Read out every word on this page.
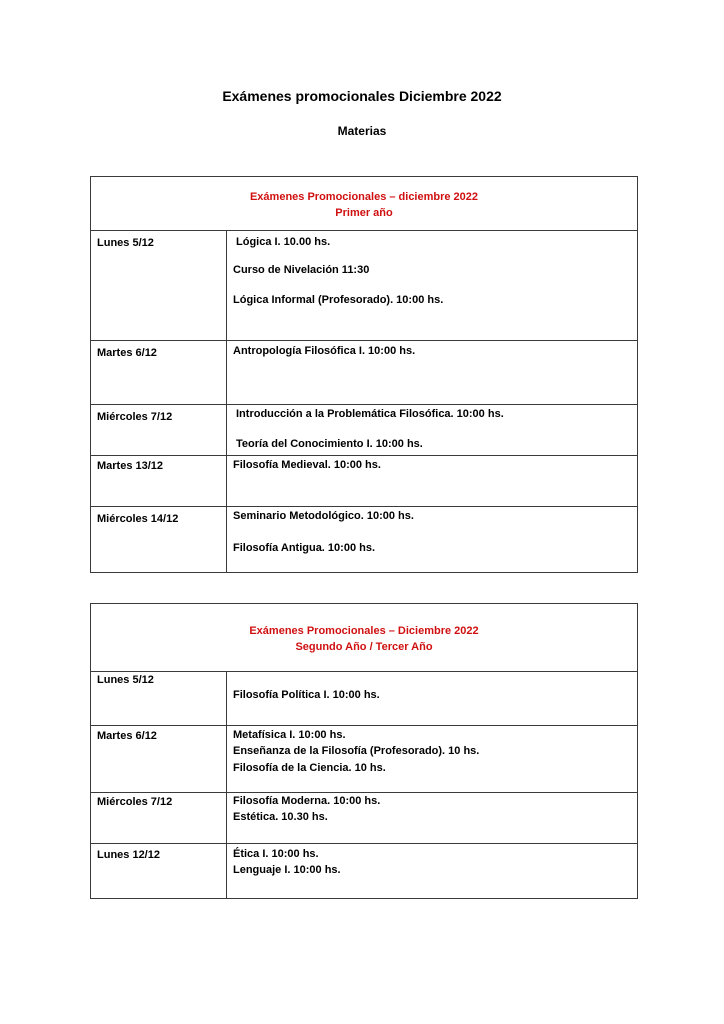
Exámenes promocionales Diciembre 2022
Materias
Exámenes Promocionales – diciembre 2022
Primer año	

Lunes 5/12	Lógica I. 10.00 hs.
Curso de Nivelación 11:30
Lógica Informal (Profesorado). 10:00 hs.

Martes 6/12	Antropología Filosófica I. 10:00 hs.

Miércoles 7/12	Introducción a la Problemática Filosófica. 10:00 hs.
Teoría del Conocimiento I. 10:00 hs.

Martes 13/12	Filosofía Medieval. 10:00 hs.

Miércoles 14/12	Seminario Metodológico. 10:00 hs.
Filosofía Antigua. 10:00 hs.
Exámenes Promocionales – Diciembre 2022
Segundo Año / Tercer Año	

Lunes 5/12	Filosofía Política I. 10:00 hs.

Martes 6/12	Metafísica I. 10:00 hs.
Enseñanza de la Filosofía (Profesorado). 10 hs.
Filosofía de la Ciencia. 10 hs.

Miércoles 7/12	Filosofía Moderna. 10:00 hs.
Estética. 10.30 hs.

Lunes 12/12	Ética I. 10:00 hs.
Lenguaje I. 10:00 hs.
